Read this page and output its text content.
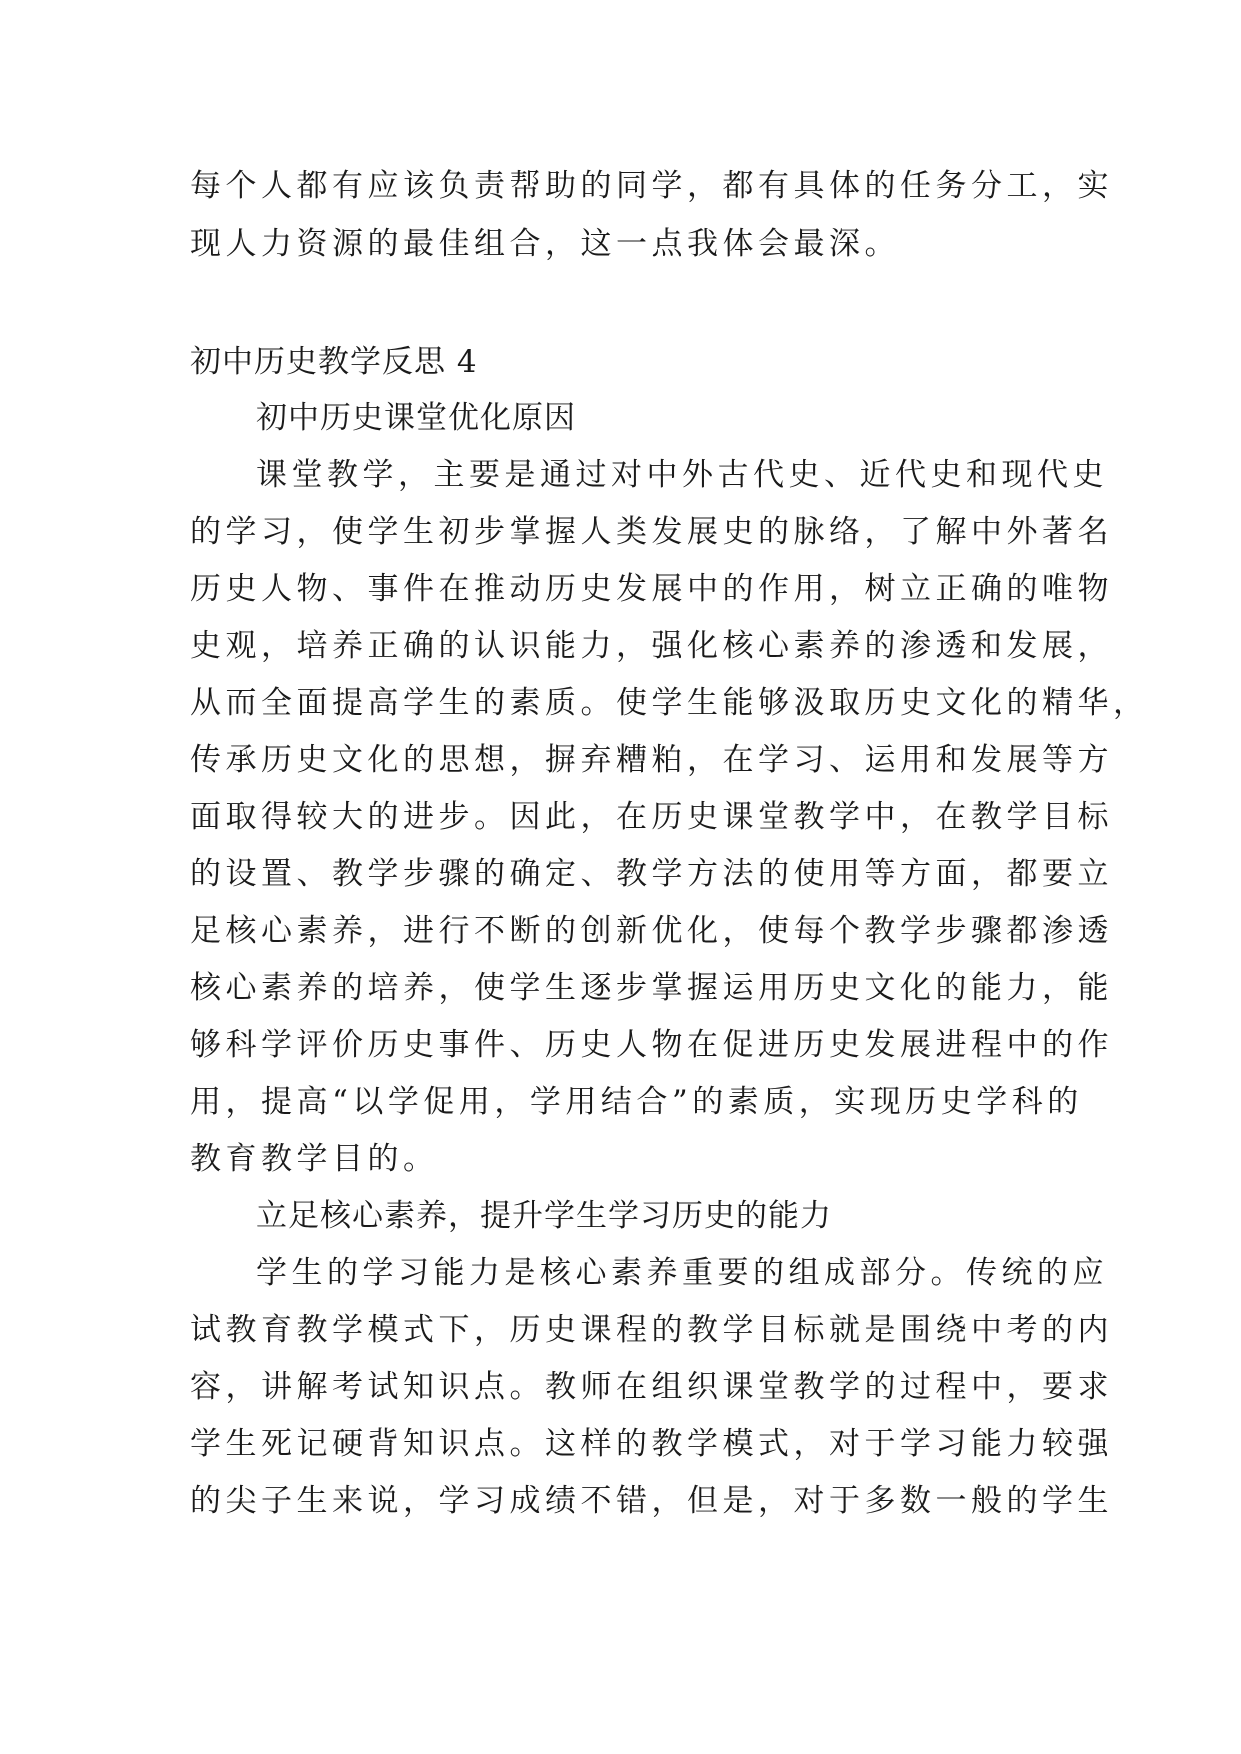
每个人都有应该负责帮助的同学，都有具体的任务分工，实
现人力资源的最佳组合，这一点我体会最深。
初中历史教学反思 4
初中历史课堂优化原因
课堂教学，主要是通过对中外古代史、近代史和现代史
的学习，使学生初步掌握人类发展史的脉络，了解中外著名
历史人物、事件在推动历史发展中的作用，树立正确的唯物
史观，培养正确的认识能力，强化核心素养的渗透和发展，
从而全面提高学生的素质。使学生能够汲取历史文化的精华，
传承历史文化的思想，摒弃糟粕，在学习、运用和发展等方
面取得较大的进步。因此，在历史课堂教学中，在教学目标
的设置、教学步骤的确定、教学方法的使用等方面，都要立
足核心素养，进行不断的创新优化，使每个教学步骤都渗透
核心素养的培养，使学生逐步掌握运用历史文化的能力，能
够科学评价历史事件、历史人物在促进历史发展进程中的作
用，提高“以学促用，学用结合”的素质，实现历史学科的
教育教学目的。
立足核心素养，提升学生学习历史的能力
学生的学习能力是核心素养重要的组成部分。传统的应
试教育教学模式下，历史课程的教学目标就是围绕中考的内
容，讲解考试知识点。教师在组织课堂教学的过程中，要求
学生死记硬背知识点。这样的教学模式，对于学习能力较强
的尖子生来说，学习成绩不错，但是，对于多数一般的学生
